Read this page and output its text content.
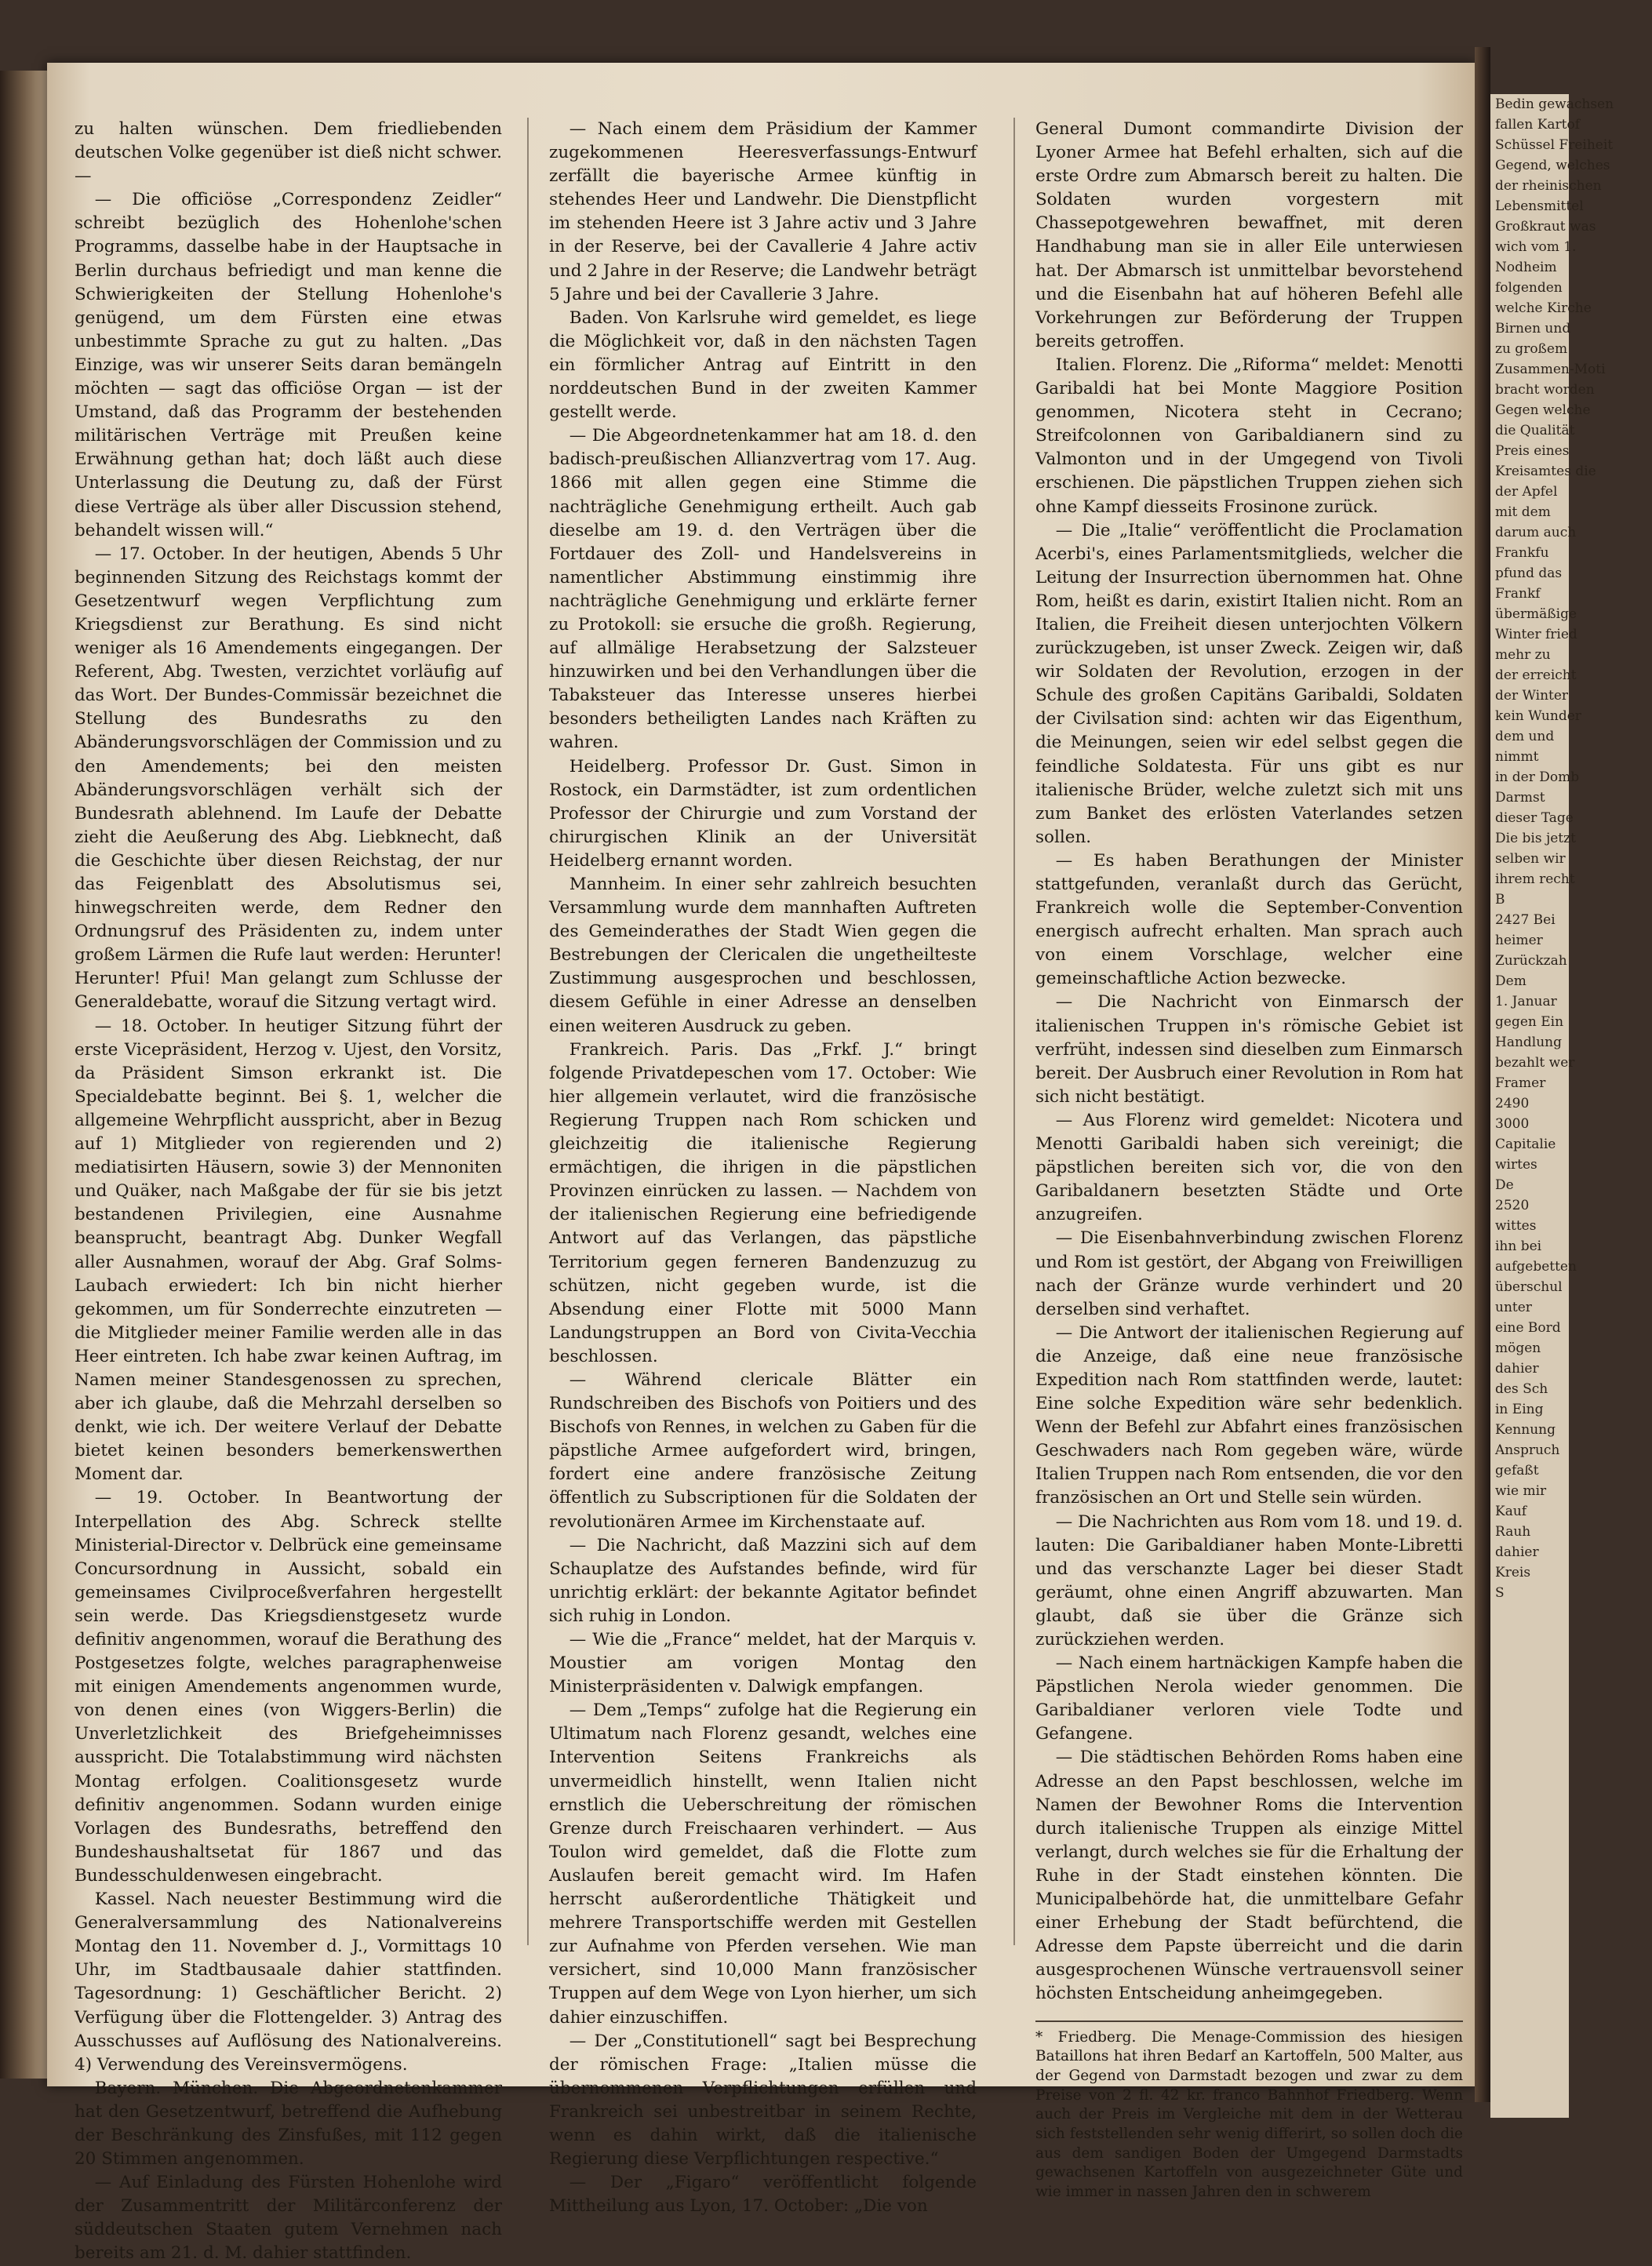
Bedin gewachsen
fallen Kartof
Schüssel Freiheit
Gegend, welches
der rheinischen
Lebensmittel
Großkraut was
wich vom 1.
Nodheim
folgenden
welche Kirche
Birnen und
zu großem
Zusammen-Moti
bracht worden
Gegen welche
die Qualität
Preis eines
Kreisamtes die
der Apfel
mit dem
darum auch
Frankfu
pfund das
Frankf
übermäßige
Winter fried
mehr zu
der erreicht
der Winter
kein Wunder
dem und
nimmt
in der Domb
Darmst
dieser Tage
Die bis jetzt
selben wir
ihrem recht
B
2427 Bei
heimer
Zurückzah
Dem
1. Januar
gegen Ein
Handlung
bezahlt wer
Framer
2490
3000
Capitalie
wirtes
De
2520
wittes
ihn bei
aufgebetten
überschul
unter
eine Bord
mögen
dahier
des Sch
in Eing
Kennung
Anspruch
gefaßt
wie mir
Kauf
Rauh
dahier
Kreis
S

zu halten wünschen. Dem friedliebenden deutschen Volke gegenüber ist dieß nicht schwer. —

— Die officiöse „Correspondenz Zeidler“ schreibt bezüglich des Hohenlohe'schen Programms, dasselbe habe in der Hauptsache in Berlin durchaus befriedigt und man kenne die Schwierigkeiten der Stellung Hohenlohe's genügend, um dem Fürsten eine etwas unbestimmte Sprache zu gut zu halten. „Das Einzige, was wir unserer Seits daran bemängeln möchten — sagt das officiöse Organ — ist der Umstand, daß das Programm der bestehenden militärischen Verträge mit Preußen keine Erwähnung gethan hat; doch läßt auch diese Unterlassung die Deutung zu, daß der Fürst diese Verträge als über aller Discussion stehend, behandelt wissen will.“

— 17. October. In der heutigen, Abends 5 Uhr beginnenden Sitzung des Reichstags kommt der Gesetzentwurf wegen Verpflichtung zum Kriegsdienst zur Berathung. Es sind nicht weniger als 16 Amendements eingegangen. Der Referent, Abg. Twesten, verzichtet vorläufig auf das Wort. Der Bundes-Commissär bezeichnet die Stellung des Bundesraths zu den Abänderungsvorschlägen der Commission und zu den Amendements; bei den meisten Abänderungsvorschlägen verhält sich der Bundesrath ablehnend. Im Laufe der Debatte zieht die Aeußerung des Abg. Liebknecht, daß die Geschichte über diesen Reichstag, der nur das Feigenblatt des Absolutismus sei, hinwegschreiten werde, dem Redner den Ordnungsruf des Präsidenten zu, indem unter großem Lärmen die Rufe laut werden: Herunter! Herunter! Pfui! Man gelangt zum Schlusse der Generaldebatte, worauf die Sitzung vertagt wird.

— 18. October. In heutiger Sitzung führt der erste Vicepräsident, Herzog v. Ujest, den Vorsitz, da Präsident Simson erkrankt ist. Die Specialdebatte beginnt. Bei §. 1, welcher die allgemeine Wehrpflicht ausspricht, aber in Bezug auf 1) Mitglieder von regierenden und 2) mediatisirten Häusern, sowie 3) der Mennoniten und Quäker, nach Maßgabe der für sie bis jetzt bestandenen Privilegien, eine Ausnahme beansprucht, beantragt Abg. Dunker Wegfall aller Ausnahmen, worauf der Abg. Graf Solms-Laubach erwiedert: Ich bin nicht hierher gekommen, um für Sonderrechte einzutreten — die Mitglieder meiner Familie werden alle in das Heer eintreten. Ich habe zwar keinen Auftrag, im Namen meiner Standesgenossen zu sprechen, aber ich glaube, daß die Mehrzahl derselben so denkt, wie ich. Der weitere Verlauf der Debatte bietet keinen besonders bemerkenswerthen Moment dar.

— 19. October. In Beantwortung der Interpellation des Abg. Schreck stellte Ministerial-Director v. Delbrück eine gemeinsame Concursordnung in Aussicht, sobald ein gemeinsames Civilproceßverfahren hergestellt sein werde. Das Kriegsdienstgesetz wurde definitiv angenommen, worauf die Berathung des Postgesetzes folgte, welches paragraphenweise mit einigen Amendements angenommen wurde, von denen eines (von Wiggers-Berlin) die Unverletzlichkeit des Briefgeheimnisses ausspricht. Die Totalabstimmung wird nächsten Montag erfolgen. Coalitionsgesetz wurde definitiv angenommen. Sodann wurden einige Vorlagen des Bundesraths, betreffend den Bundeshaushaltsetat für 1867 und das Bundesschuldenwesen eingebracht.

Kassel. Nach neuester Bestimmung wird die Generalversammlung des Nationalvereins Montag den 11. November d. J., Vormittags 10 Uhr, im Stadtbausaale dahier stattfinden. Tagesordnung: 1) Geschäftlicher Bericht. 2) Verfügung über die Flottengelder. 3) Antrag des Ausschusses auf Auflösung des Nationalvereins. 4) Verwendung des Vereinsvermögens.

Bayern. München. Die Abgeordnetenkammer hat den Gesetzentwurf, betreffend die Aufhebung der Beschränkung des Zinsfußes, mit 112 gegen 20 Stimmen angenommen.

— Auf Einladung des Fürsten Hohenlohe wird der Zusammentritt der Militärconferenz der süddeutschen Staaten gutem Vernehmen nach bereits am 21. d. M. dahier stattfinden.

— Nach einem dem Präsidium der Kammer zugekommenen Heeresverfassungs-Entwurf zerfällt die bayerische Armee künftig in stehendes Heer und Landwehr. Die Dienstpflicht im stehenden Heere ist 3 Jahre activ und 3 Jahre in der Reserve, bei der Cavallerie 4 Jahre activ und 2 Jahre in der Reserve; die Landwehr beträgt 5 Jahre und bei der Cavallerie 3 Jahre.

Baden. Von Karlsruhe wird gemeldet, es liege die Möglichkeit vor, daß in den nächsten Tagen ein förmlicher Antrag auf Eintritt in den norddeutschen Bund in der zweiten Kammer gestellt werde.

— Die Abgeordnetenkammer hat am 18. d. den badisch-preußischen Allianzvertrag vom 17. Aug. 1866 mit allen gegen eine Stimme die nachträgliche Genehmigung ertheilt. Auch gab dieselbe am 19. d. den Verträgen über die Fortdauer des Zoll- und Handelsvereins in namentlicher Abstimmung einstimmig ihre nachträgliche Genehmigung und erklärte ferner zu Protokoll: sie ersuche die großh. Regierung, auf allmälige Herabsetzung der Salzsteuer hinzuwirken und bei den Verhandlungen über die Tabaksteuer das Interesse unseres hierbei besonders betheiligten Landes nach Kräften zu wahren.

Heidelberg. Professor Dr. Gust. Simon in Rostock, ein Darmstädter, ist zum ordentlichen Professor der Chirurgie und zum Vorstand der chirurgischen Klinik an der Universität Heidelberg ernannt worden.

Mannheim. In einer sehr zahlreich besuchten Versammlung wurde dem mannhaften Auftreten des Gemeinderathes der Stadt Wien gegen die Bestrebungen der Clericalen die ungetheilteste Zustimmung ausgesprochen und beschlossen, diesem Gefühle in einer Adresse an denselben einen weiteren Ausdruck zu geben.

Frankreich. Paris. Das „Frkf. J.“ bringt folgende Privatdepeschen vom 17. October: Wie hier allgemein verlautet, wird die französische Regierung Truppen nach Rom schicken und gleichzeitig die italienische Regierung ermächtigen, die ihrigen in die päpstlichen Provinzen einrücken zu lassen. — Nachdem von der italienischen Regierung eine befriedigende Antwort auf das Verlangen, das päpstliche Territorium gegen ferneren Bandenzuzug zu schützen, nicht gegeben wurde, ist die Absendung einer Flotte mit 5000 Mann Landungstruppen an Bord von Civita-Vecchia beschlossen.

— Während clericale Blätter ein Rundschreiben des Bischofs von Poitiers und des Bischofs von Rennes, in welchen zu Gaben für die päpstliche Armee aufgefordert wird, bringen, fordert eine andere französische Zeitung öffentlich zu Subscriptionen für die Soldaten der revolutionären Armee im Kirchenstaate auf.

— Die Nachricht, daß Mazzini sich auf dem Schauplatze des Aufstandes befinde, wird für unrichtig erklärt: der bekannte Agitator befindet sich ruhig in London.

— Wie die „France“ meldet, hat der Marquis v. Moustier am vorigen Montag den Ministerpräsidenten v. Dalwigk empfangen.

— Dem „Temps“ zufolge hat die Regierung ein Ultimatum nach Florenz gesandt, welches eine Intervention Seitens Frankreichs als unvermeidlich hinstellt, wenn Italien nicht ernstlich die Ueberschreitung der römischen Grenze durch Freischaaren verhindert. — Aus Toulon wird gemeldet, daß die Flotte zum Auslaufen bereit gemacht wird. Im Hafen herrscht außerordentliche Thätigkeit und mehrere Transportschiffe werden mit Gestellen zur Aufnahme von Pferden versehen. Wie man versichert, sind 10,000 Mann französischer Truppen auf dem Wege von Lyon hierher, um sich dahier einzuschiffen.

— Der „Constitutionell“ sagt bei Besprechung der römischen Frage: „Italien müsse die übernommenen Verpflichtungen erfüllen und Frankreich sei unbestreitbar in seinem Rechte, wenn es dahin wirkt, daß die italienische Regierung diese Verpflichtungen respective.“

— Der „Figaro“ veröffentlicht folgende Mittheilung aus Lyon, 17. October: „Die von

General Dumont commandirte Division der Lyoner Armee hat Befehl erhalten, sich auf die erste Ordre zum Abmarsch bereit zu halten. Die Soldaten wurden vorgestern mit Chassepotgewehren bewaffnet, mit deren Handhabung man sie in aller Eile unterwiesen hat. Der Abmarsch ist unmittelbar bevorstehend und die Eisenbahn hat auf höheren Befehl alle Vorkehrungen zur Beförderung der Truppen bereits getroffen.

Italien. Florenz. Die „Riforma“ meldet: Menotti Garibaldi hat bei Monte Maggiore Position genommen, Nicotera steht in Cecrano; Streifcolonnen von Garibaldianern sind zu Valmonton und in der Umgegend von Tivoli erschienen. Die päpstlichen Truppen ziehen sich ohne Kampf diesseits Frosinone zurück.

— Die „Italie“ veröffentlicht die Proclamation Acerbi's, eines Parlamentsmitglieds, welcher die Leitung der Insurrection übernommen hat. Ohne Rom, heißt es darin, existirt Italien nicht. Rom an Italien, die Freiheit diesen unterjochten Völkern zurückzugeben, ist unser Zweck. Zeigen wir, daß wir Soldaten der Revolution, erzogen in der Schule des großen Capitäns Garibaldi, Soldaten der Civilsation sind: achten wir das Eigenthum, die Meinungen, seien wir edel selbst gegen die feindliche Soldatesta. Für uns gibt es nur italienische Brüder, welche zuletzt sich mit uns zum Banket des erlösten Vaterlandes setzen sollen.

— Es haben Berathungen der Minister stattgefunden, veranlaßt durch das Gerücht, Frankreich wolle die September-Convention energisch aufrecht erhalten. Man sprach auch von einem Vorschlage, welcher eine gemeinschaftliche Action bezwecke.

— Die Nachricht von Einmarsch der italienischen Truppen in's römische Gebiet ist verfrüht, indessen sind dieselben zum Einmarsch bereit. Der Ausbruch einer Revolution in Rom hat sich nicht bestätigt.

— Aus Florenz wird gemeldet: Nicotera und Menotti Garibaldi haben sich vereinigt; die päpstlichen bereiten sich vor, die von den Garibaldanern besetzten Städte und Orte anzugreifen.

— Die Eisenbahnverbindung zwischen Florenz und Rom ist gestört, der Abgang von Freiwilligen nach der Gränze wurde verhindert und 20 derselben sind verhaftet.

— Die Antwort der italienischen Regierung auf die Anzeige, daß eine neue französische Expedition nach Rom stattfinden werde, lautet: Eine solche Expedition wäre sehr bedenklich. Wenn der Befehl zur Abfahrt eines französischen Geschwaders nach Rom gegeben wäre, würde Italien Truppen nach Rom entsenden, die vor den französischen an Ort und Stelle sein würden.

— Die Nachrichten aus Rom vom 18. und 19. d. lauten: Die Garibaldianer haben Monte-Libretti und das verschanzte Lager bei dieser Stadt geräumt, ohne einen Angriff abzuwarten. Man glaubt, daß sie über die Gränze sich zurückziehen werden.

— Nach einem hartnäckigen Kampfe haben die Päpstlichen Nerola wieder genommen. Die Garibaldianer verloren viele Todte und Gefangene.

— Die städtischen Behörden Roms haben eine Adresse an den Papst beschlossen, welche im Namen der Bewohner Roms die Intervention durch italienische Truppen als einzige Mittel verlangt, durch welches sie für die Erhaltung der Ruhe in der Stadt einstehen könnten. Die Municipalbehörde hat, die unmittelbare Gefahr einer Erhebung der Stadt befürchtend, die Adresse dem Papste überreicht und die darin ausgesprochenen Wünsche vertrauensvoll seiner höchsten Entscheidung anheimgegeben.

* Friedberg. Die Menage-Commission des hiesigen Bataillons hat ihren Bedarf an Kartoffeln, 500 Malter, aus der Gegend von Darmstadt bezogen und zwar zu dem Preise von 2 fl. 42 kr. franco Bahnhof Friedberg. Wenn auch der Preis im Vergleiche mit dem in der Wetterau sich feststellenden sehr wenig differirt, so sollen doch die aus dem sandigen Boden der Umgegend Darmstadts gewachsenen Kartoffeln von ausgezeichneter Güte und wie immer in nassen Jahren den in schwerem
